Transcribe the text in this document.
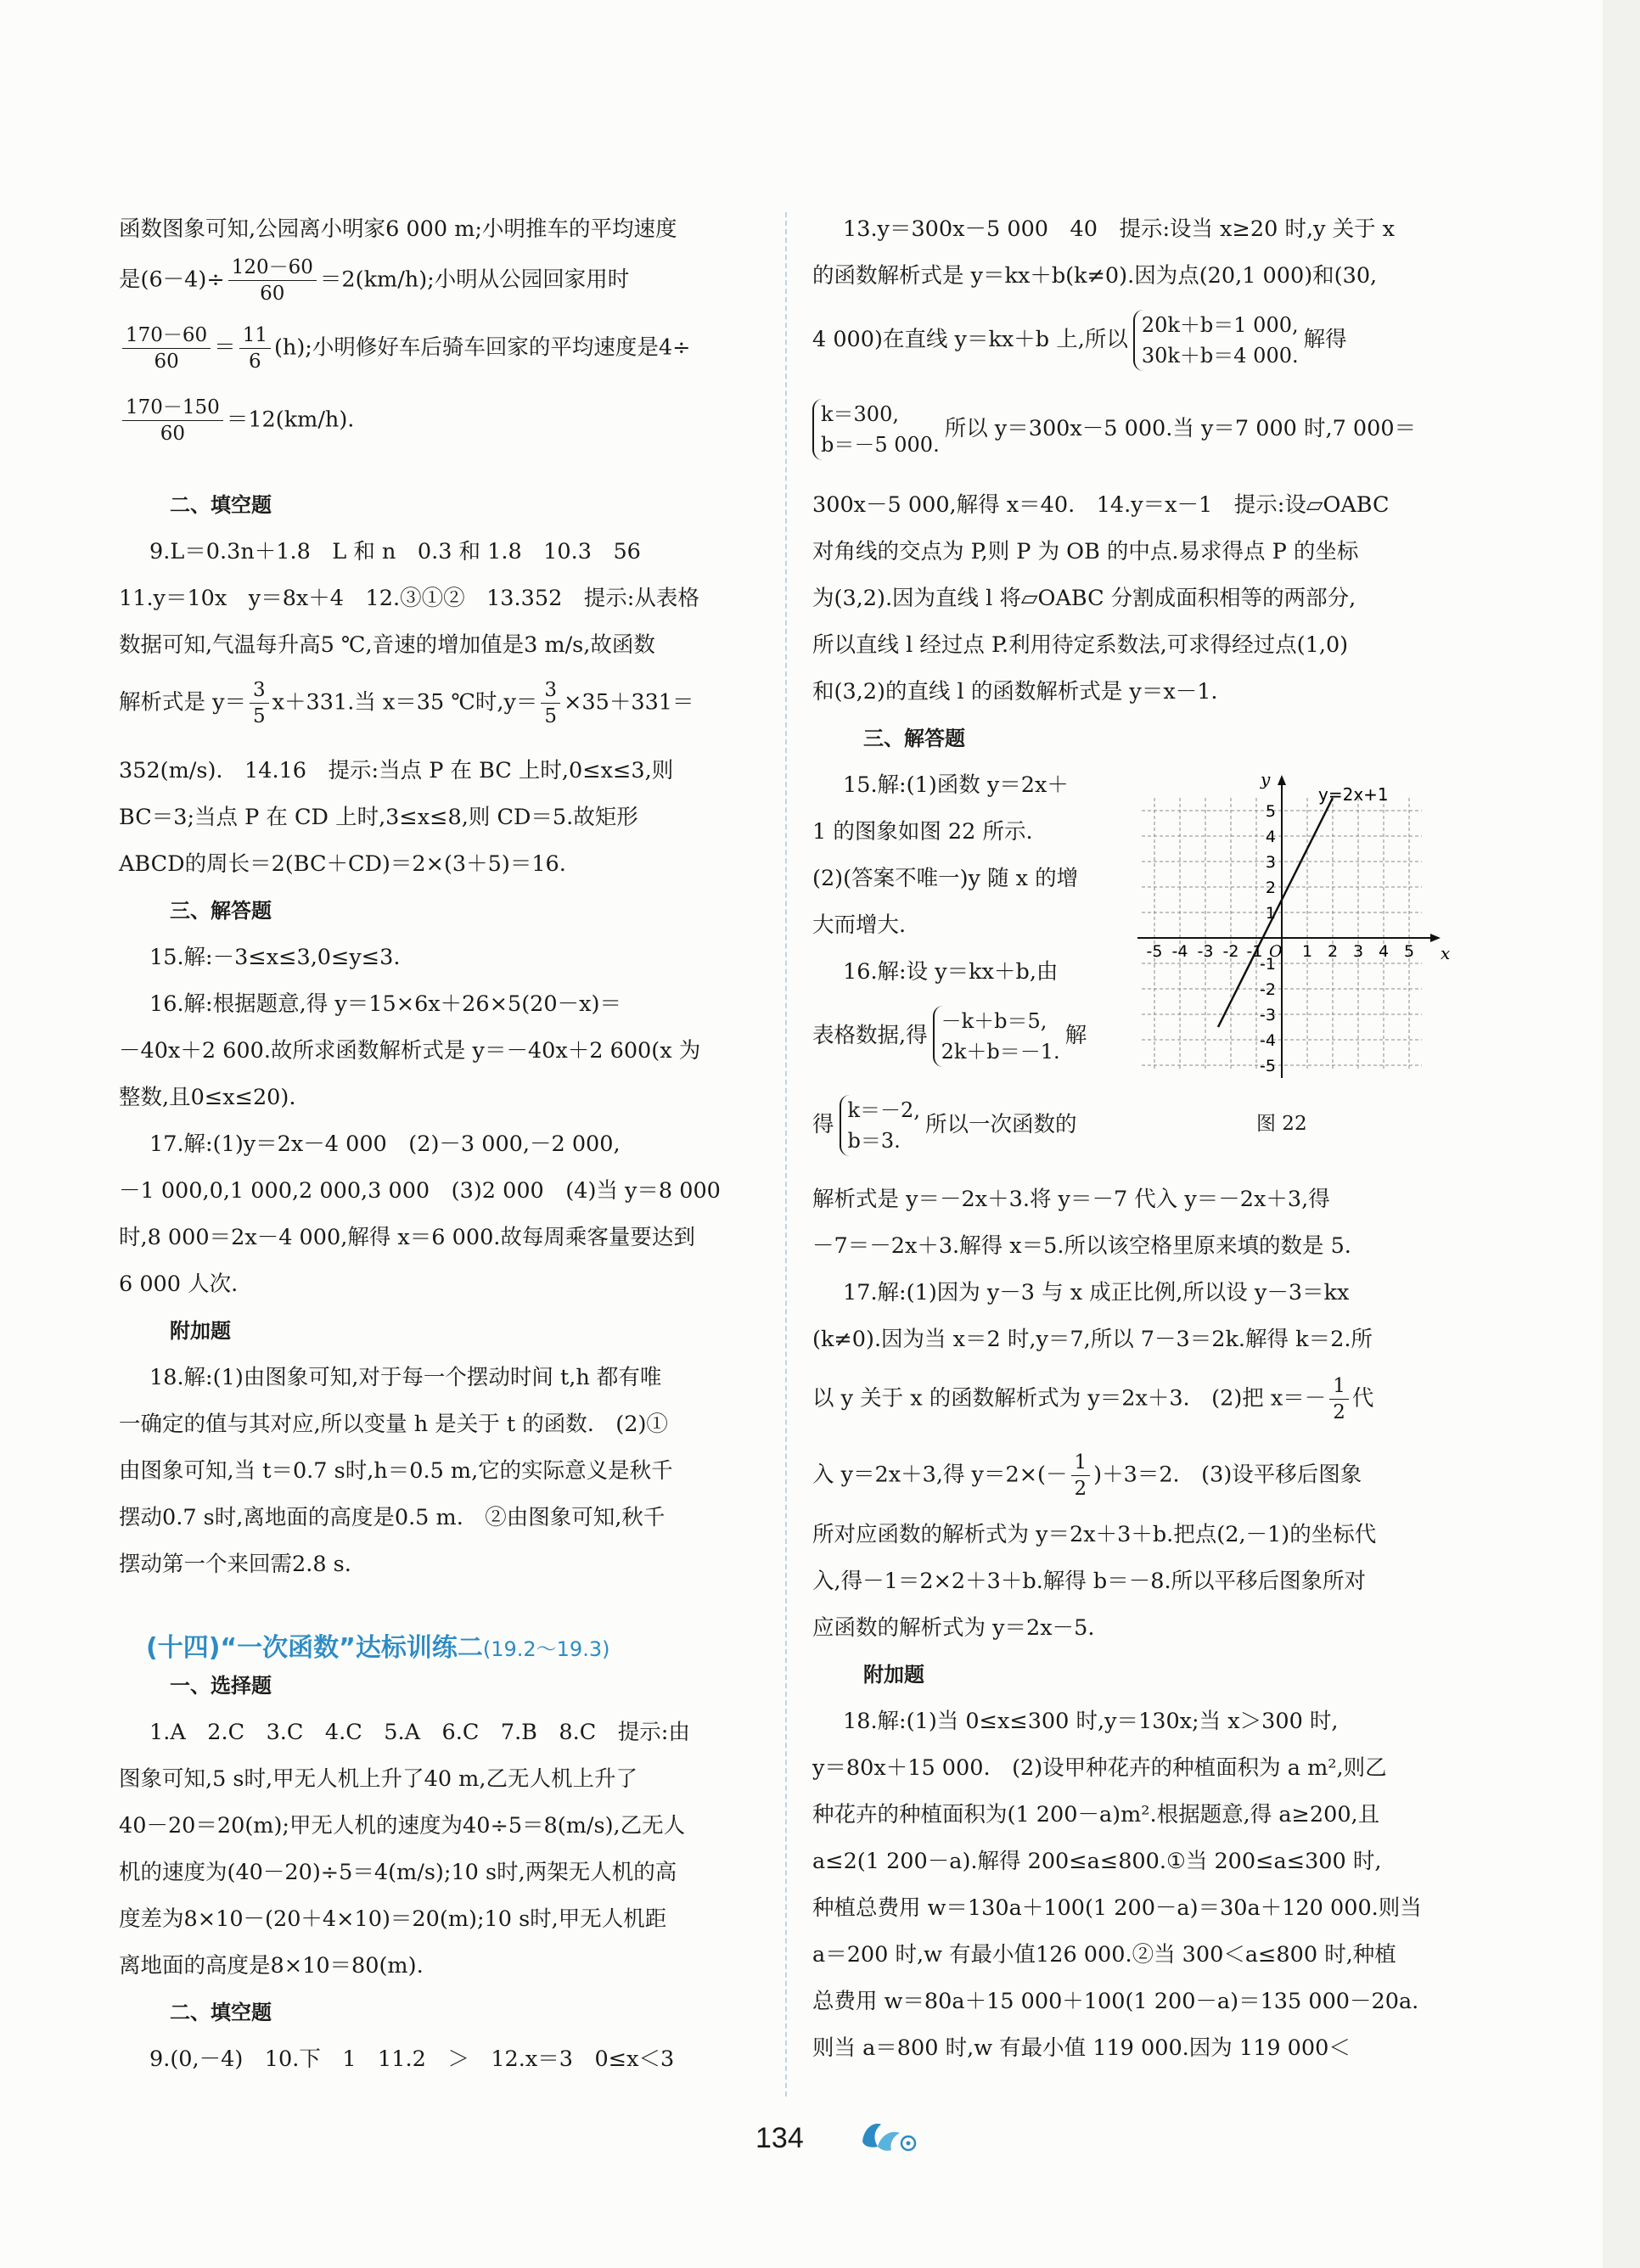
函数图象可知,公园离小明家6 000 m;小明推车的平均速度
是$(6-4)\div \frac{120-60}{60} =2(km/h)$;小明从公园回家用时
$\frac{170-60}{60} = \frac{11}{6} (h)$;小明修好车后骑车回家的平均速度是4÷
$\frac{170-150}{60} =12(km/h)$.
二、填空题
9.L＝0.3n＋1.8　L 和 n　0.3 和 1.8　10.3　56
11.y＝10x　y＝8x＋4　12.③①②　13.352　提示:从表格
数据可知,气温每升高5 ℃,音速的增加值是3 m/s,故函数
解析式是 $y= \frac{3}{5} x+331$.当 x＝35 ℃时$,y= \frac{3}{5} \times 35+331=$
352(m/s).　14.16　提示:当点 P 在 BC 上时,0≤x≤3,则
BC＝3;当点 P 在 CD 上时,3≤x≤8,则 CD＝5.故矩形
ABCD的周长＝2(BC＋CD)＝2×(3＋5)＝16.
三、解答题
15.解:－3≤x≤3,0≤y≤3.
16.解:根据题意,得 y＝15×6x＋26×5(20－x)＝
－40x＋2 600.故所求函数解析式是 y＝－40x＋2 600(x 为
整数,且0≤x≤20).
17.解:(1)y＝2x－4 000　(2)－3 000,－2 000,
－1 000,0,1 000,2 000,3 000　(3)2 000　(4)当 y＝8 000
时,8 000＝2x－4 000,解得 x＝6 000.故每周乘客量要达到
6 000 人次.
附加题
18.解:(1)由图象可知,对于每一个摆动时间 t,h 都有唯
一确定的值与其对应,所以变量 h 是关于 t 的函数.　(2)①
由图象可知,当 t＝0.7 s时,h＝0.5 m,它的实际意义是秋千
摆动0.7 s时,离地面的高度是0.5 m.　②由图象可知,秋千
摆动第一个来回需2.8 s.
一、选择题
1.A　2.C　3.C　4.C　5.A　6.C　7.B　8.C　提示:由
图象可知,5 s时,甲无人机上升了40 m,乙无人机上升了
40－20＝20(m);甲无人机的速度为40÷5＝8(m/s),乙无人
机的速度为(40－20)÷5＝4(m/s);10 s时,两架无人机的高
度差为8×10－(20＋4×10)＝20(m);10 s时,甲无人机距
离地面的高度是8×10＝80(m).
二、填空题
9.(0,－4)　10.下　1　11.2　＞　12.x＝3　0≤x＜3
(十四)“一次函数”达标训练二(19.2～19.3)
13.y＝300x－5 000　40　提示:设当 x≥20 时,y 关于 x
的函数解析式是 y＝kx＋b(k≠0).因为点(20,1 000)和(30,
4 000)在直线 y＝kx＋b 上,所以
20k＋b＝1 000,
30k＋b＝4 000.
解得
k＝300,
b＝－5 000.
所以 y＝300x－5 000.当 y＝7 000 时,7 000＝
300x－5 000,解得 x＝40.　14.y＝x－1　提示:设▱OABC
对角线的交点为 P,则 P 为 OB 的中点.易求得点 P 的坐标
为(3,2).因为直线 l 将▱OABC 分割成面积相等的两部分,
所以直线 l 经过点 P.利用待定系数法,可求得经过点(1,0)
和(3,2)的直线 l 的函数解析式是 y＝x－1.
三、解答题
15.解:(1)函数 y＝2x＋
1 的图象如图 22 所示.
(2)(答案不唯一)y 随 x 的增
大而增大.
16.解:设 y＝kx＋b,由
表格数据,得
－k＋b＝5,
2k＋b＝－1.
解
得
k＝－2,
b＝3.
所以一次函数的
解析式是 y＝－2x＋3.将 y＝－7 代入 y＝－2x＋3,得
－7＝－2x＋3.解得 x＝5.所以该空格里原来填的数是 5.
17.解:(1)因为 y－3 与 x 成正比例,所以设 y－3＝kx
(k≠0).因为当 x＝2 时,y＝7,所以 7－3＝2k.解得 k＝2.所
以 y 关于 x 的函数解析式为 y＝2x＋3.　(2)把 $x=- \frac{1}{2}$ 代
入 y＝2x＋3,得 $y=2\times(- \frac{1}{2} )+3=2$.　(3)设平移后图象
所对应函数的解析式为 y＝2x＋3＋b.把点(2,－1)的坐标代
入,得－1＝2×2＋3＋b.解得 b＝－8.所以平移后图象所对
应函数的解析式为 y＝2x－5.
附加题
18.解:(1)当 0≤x≤300 时,y＝130x;当 x＞300 时,
y＝80x＋15 000.　(2)设甲种花卉的种植面积为 a m²,则乙
种花卉的种植面积为(1 200－a)m².根据题意,得 a≥200,且
a≤2(1 200－a).解得 200≤a≤800.①当 200≤a≤300 时,
种植总费用 w＝130a＋100(1 200－a)＝30a＋120 000.则当
a＝200 时,w 有最小值126 000.②当 300＜a≤800 时,种植
总费用 w＝80a＋15 000＋100(1 200－a)＝135 000－20a.
则当 a＝800 时,w 有最小值 119 000.因为 119 000＜
y=2x+1
y
x
O
-5 -4 -3 -2 -1 1 2 3 4 5
5
4
3
2
1
-1
-2
-3
-4
-5
图 22
134
